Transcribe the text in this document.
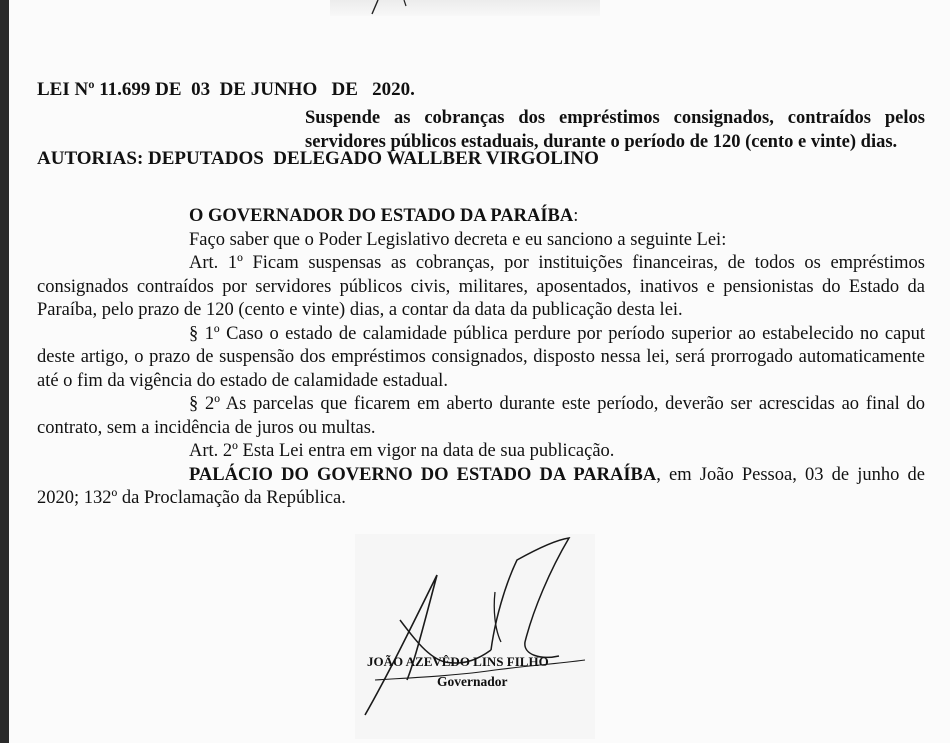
LEI Nº 11.699 DE  03  DE JUNHO   DE   2020.

AUTORIAS: DEPUTADOS  DELEGADO WALLBER VIRGOLINO

Suspende as cobranças dos empréstimos consignados, contraídos pelos servidores públicos estaduais, durante o período de 120 (cento e vinte) dias.

O GOVERNADOR DO ESTADO DA PARAÍBA:

Faço saber que o Poder Legislativo decreta e eu sanciono a seguinte Lei:

Art. 1º Ficam suspensas as cobranças, por instituições financeiras, de todos os empréstimos consignados contraídos por servidores públicos civis, militares, aposentados, inativos e pensionistas do Estado da Paraíba, pelo prazo de 120 (cento e vinte) dias, a contar da data da publicação desta lei.

§ 1º Caso o estado de calamidade pública perdure por período superior ao estabelecido no caput deste artigo, o prazo de suspensão dos empréstimos consignados, disposto nessa lei, será prorrogado automaticamente até o fim da vigência do estado de calamidade estadual.

§ 2º As parcelas que ficarem em aberto durante este período, deverão ser acrescidas ao final do contrato, sem a incidência de juros ou multas.

Art. 2º Esta Lei entra em vigor na data de sua publicação.

PALÁCIO DO GOVERNO DO ESTADO DA PARAÍBA, em João Pessoa, 03 de junho de 2020; 132º da Proclamação da República.

JOÃO AZEVÊDO LINS FILHO
Governador
